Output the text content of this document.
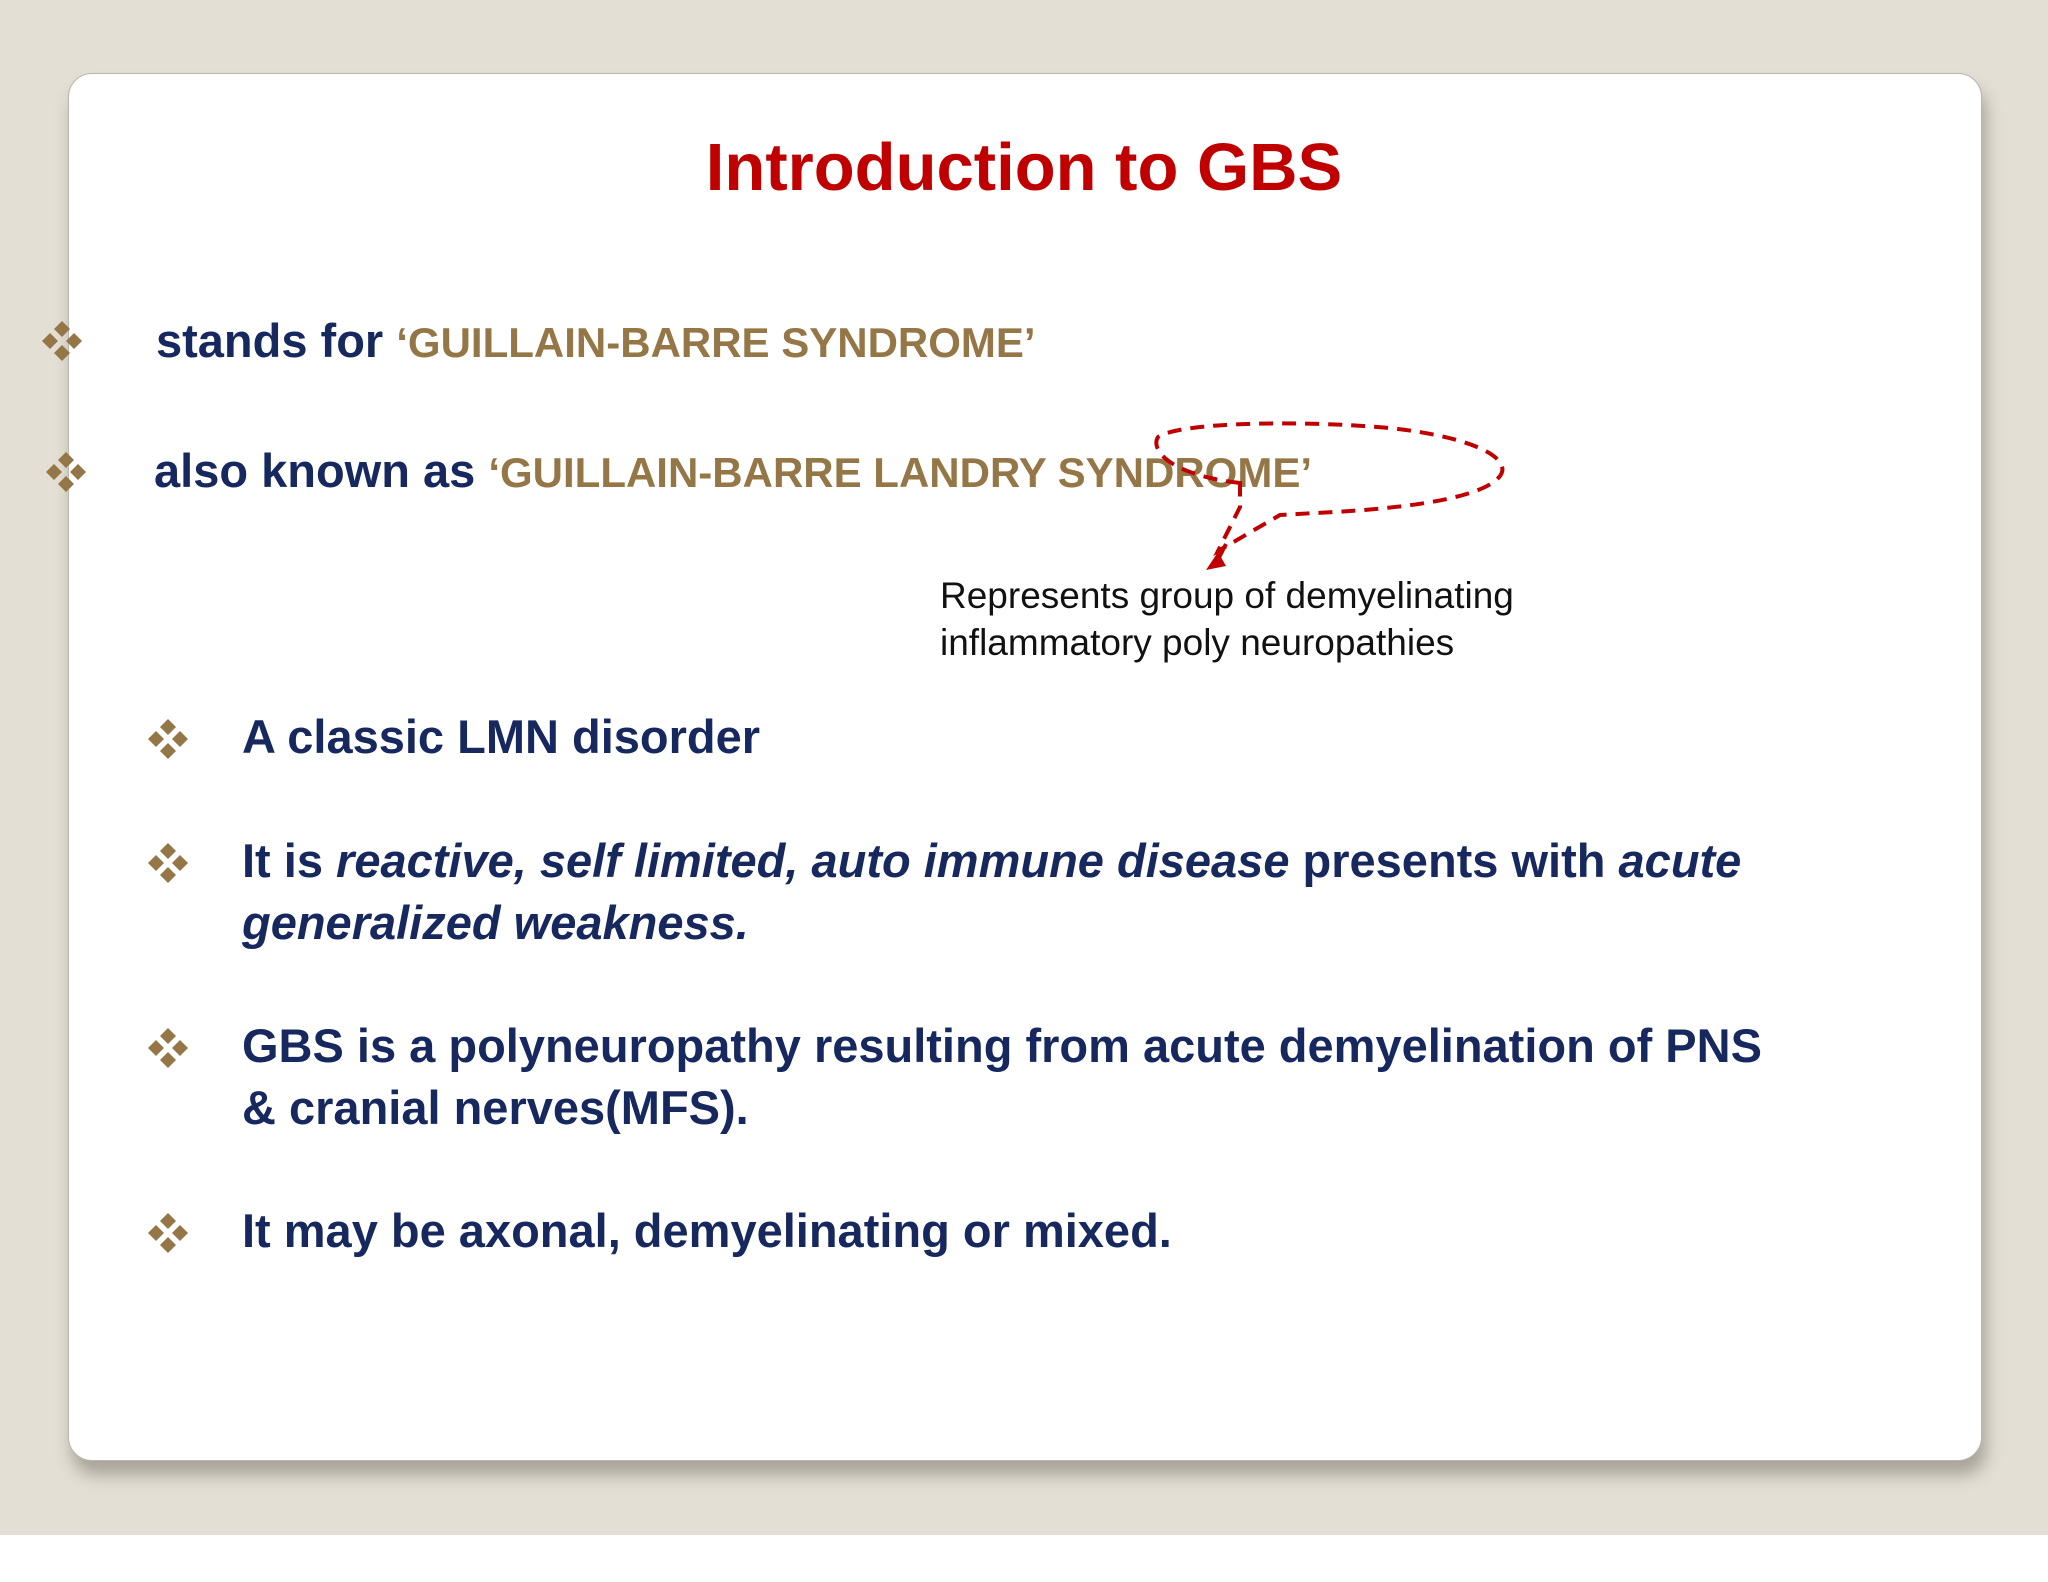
Introduction to GBS
stands for ‘GUILLAIN-BARRE SYNDROME’
also known as ‘GUILLAIN-BARRE LANDRY SYNDROME’
Represents group of demyelinating
inflammatory poly neuropathies
A classic LMN disorder
It is reactive, self limited, auto immune disease presents with acute
generalized weakness.
GBS is a polyneuropathy resulting from acute demyelination of PNS
& cranial nerves(MFS).
It may be axonal, demyelinating or mixed.
